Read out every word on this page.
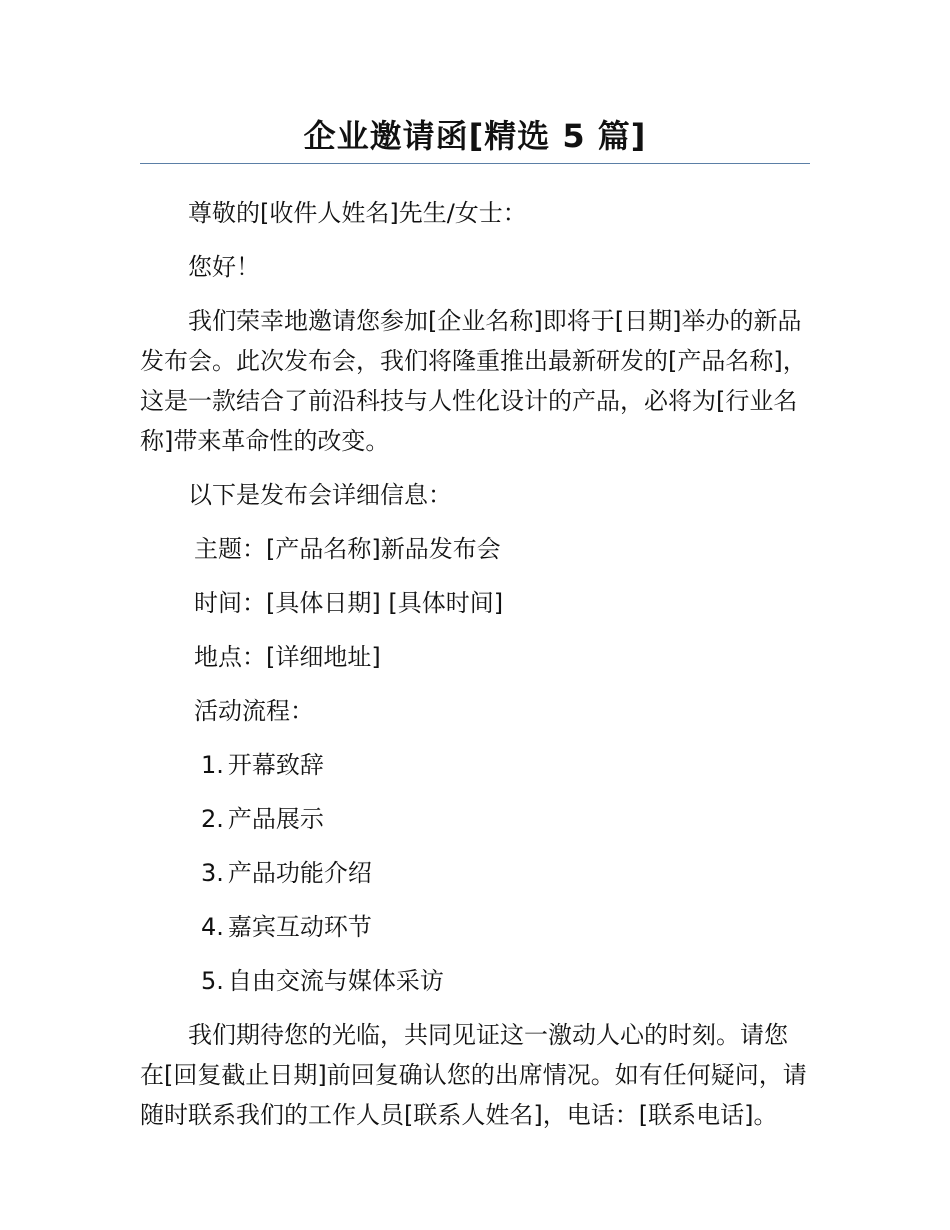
企业邀请函[精选 5 篇]

尊敬的[收件人姓名]先生/女士：

您好！

我们荣幸地邀请您参加[企业名称]即将于[日期]举办的新品发布会。此次发布会，我们将隆重推出最新研发的[产品名称]，这是一款结合了前沿科技与人性化设计的产品，必将为[行业名称]带来革命性的改变。

以下是发布会详细信息：

主题：[产品名称]新品发布会
时间：[具体日期] [具体时间]
地点：[详细地址]
活动流程：
1. 开幕致辞
2. 产品展示
3. 产品功能介绍
4. 嘉宾互动环节
5. 自由交流与媒体采访

我们期待您的光临，共同见证这一激动人心的时刻。请您在[回复截止日期]前回复确认您的出席情况。如有任何疑问，请随时联系我们的工作人员[联系人姓名]，电话：[联系电话]。
